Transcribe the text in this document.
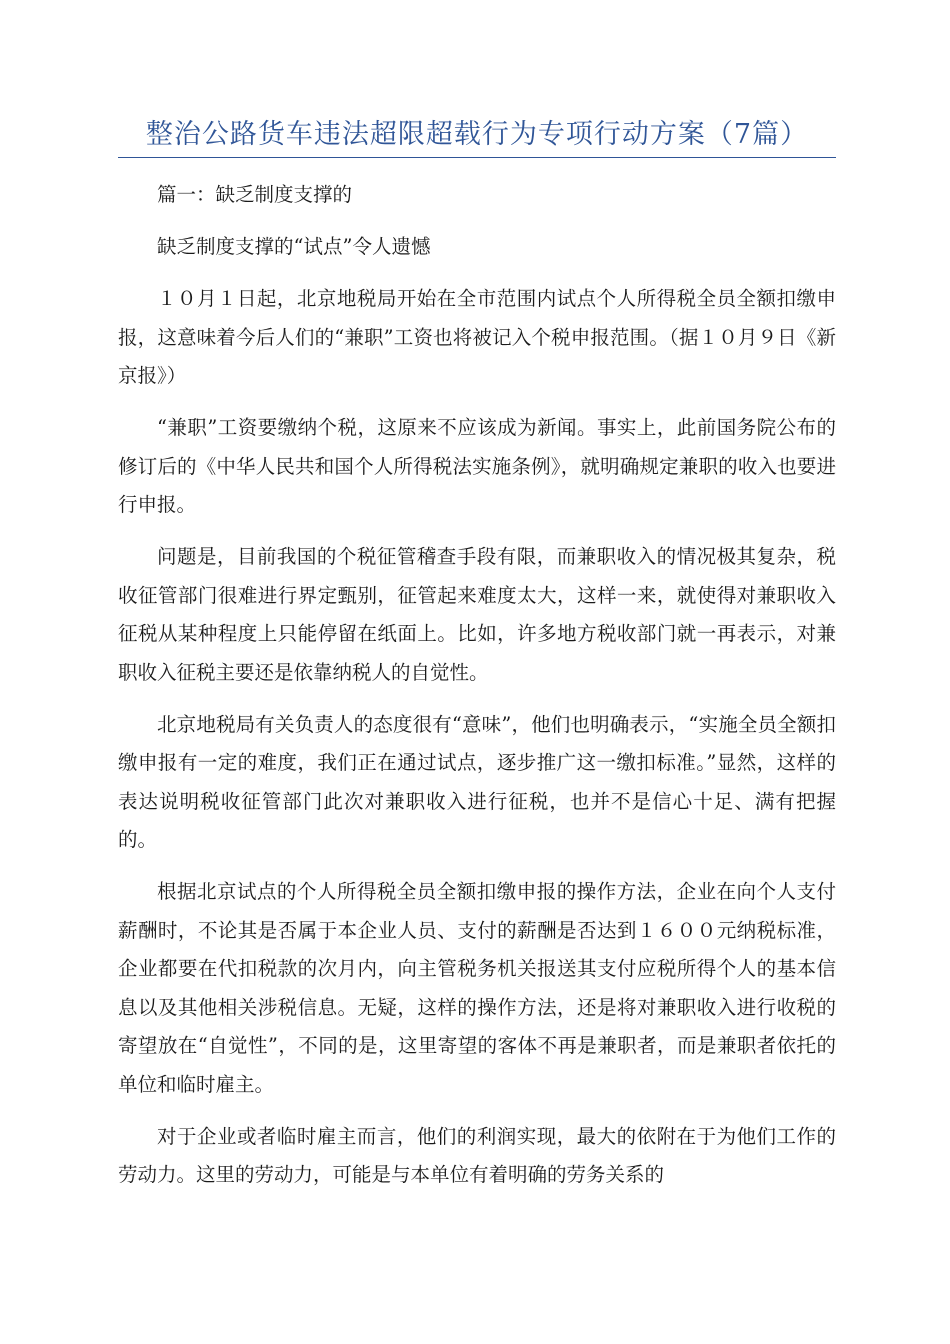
整治公路货车违法超限超载行为专项行动方案（7篇）

篇一：缺乏制度支撑的

缺乏制度支撑的“试点”令人遗憾

１０月１日起，北京地税局开始在全市范围内试点个人所得税全员全额扣缴申报，这意味着今后人们的“兼职”工资也将被记入个税申报范围。（据１０月９日《新京报》）

“兼职”工资要缴纳个税，这原来不应该成为新闻。事实上，此前国务院公布的修订后的《中华人民共和国个人所得税法实施条例》，就明确规定兼职的收入也要进行申报。

问题是，目前我国的个税征管稽查手段有限，而兼职收入的情况极其复杂，税收征管部门很难进行界定甄别，征管起来难度太大，这样一来，就使得对兼职收入征税从某种程度上只能停留在纸面上。比如，许多地方税收部门就一再表示，对兼职收入征税主要还是依靠纳税人的自觉性。

北京地税局有关负责人的态度很有“意味”，他们也明确表示，“实施全员全额扣缴申报有一定的难度，我们正在通过试点，逐步推广这一缴扣标准。”显然，这样的表达说明税收征管部门此次对兼职收入进行征税，也并不是信心十足、满有把握的。

根据北京试点的个人所得税全员全额扣缴申报的操作方法，企业在向个人支付薪酬时，不论其是否属于本企业人员、支付的薪酬是否达到１６００元纳税标准，企业都要在代扣税款的次月内，向主管税务机关报送其支付应税所得个人的基本信息以及其他相关涉税信息。无疑，这样的操作方法，还是将对兼职收入进行收税的寄望放在“自觉性”，不同的是，这里寄望的客体不再是兼职者，而是兼职者依托的单位和临时雇主。

对于企业或者临时雇主而言，他们的利润实现，最大的依附在于为他们工作的劳动力。这里的劳动力，可能是与本单位有着明确的劳务关系的
